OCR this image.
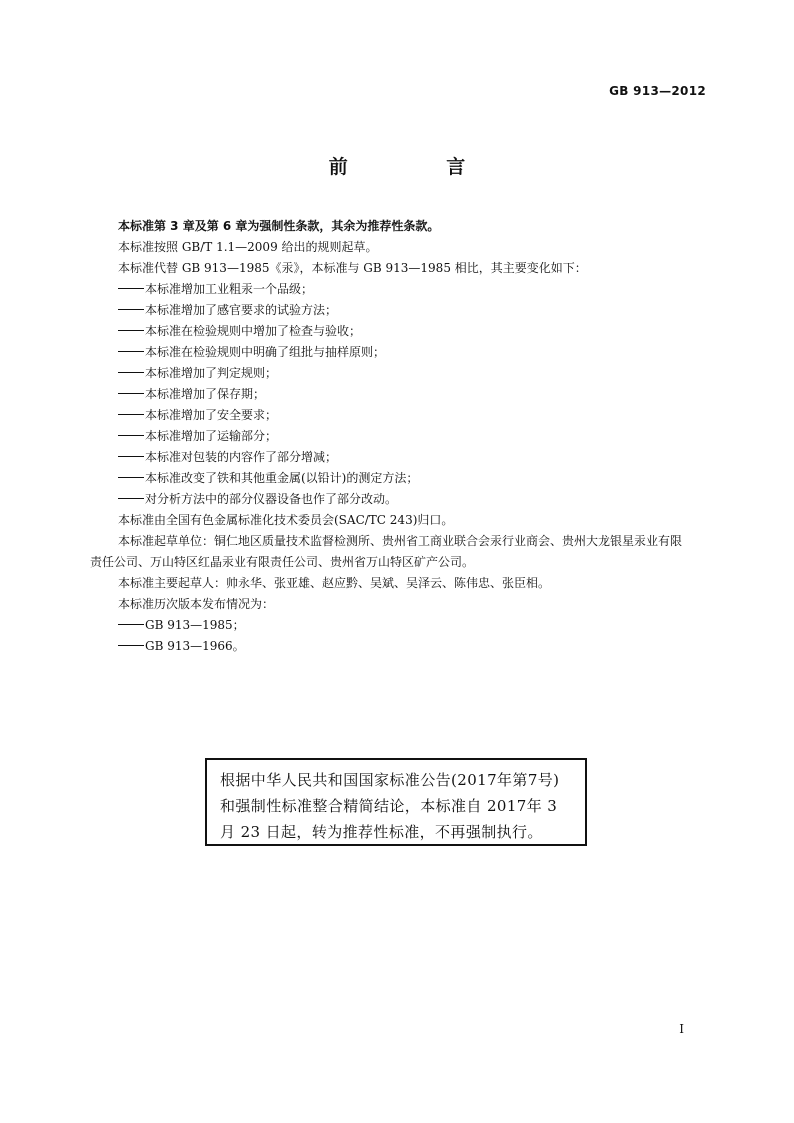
GB 913—2012
前 言

本标准第 3 章及第 6 章为强制性条款，其余为推荐性条款。

本标准按照 GB/T 1.1—2009 给出的规则起草。

本标准代替 GB 913—1985《汞》，本标准与 GB 913—1985 相比，其主要变化如下：

本标准增加工业粗汞一个品级；

本标准增加了感官要求的试验方法；

本标准在检验规则中增加了检查与验收；

本标准在检验规则中明确了组批与抽样原则；

本标准增加了判定规则；

本标准增加了保存期；

本标准增加了安全要求；

本标准增加了运输部分；

本标准对包装的内容作了部分增减；

本标准改变了铁和其他重金属(以铅计)的测定方法；

对分析方法中的部分仪器设备也作了部分改动。

本标准由全国有色金属标准化技术委员会(SAC/TC 243)归口。

本标准起草单位：铜仁地区质量技术监督检测所、贵州省工商业联合会汞行业商会、贵州大龙银星汞业有限责任公司、万山特区红晶汞业有限责任公司、贵州省万山特区矿产公司。

本标准主要起草人：帅永华、张亚雄、赵应黔、吴斌、吴泽云、陈伟忠、张臣相。

本标准历次版本发布情况为：

GB 913—1985；

GB 913—1966。

根据中华人民共和国国家标准公告(2017年第7号)和强制性标准整合精简结论，本标准自 2017年 3 月 23 日起，转为推荐性标准，不再强制执行。
I
